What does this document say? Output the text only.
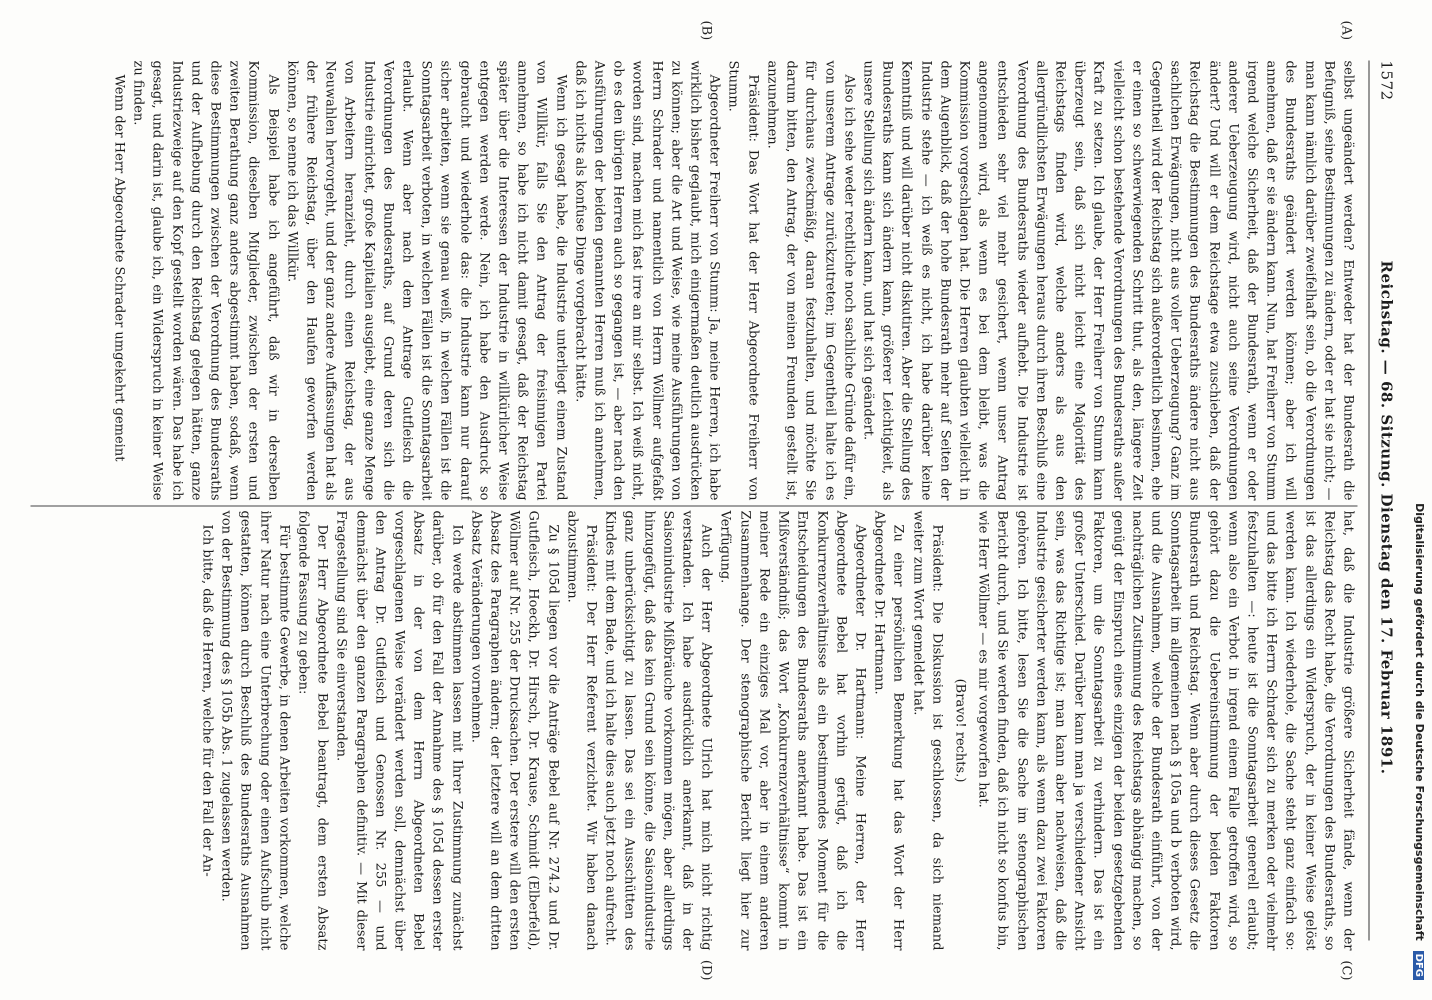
1572
Reichstag. — 68. Sitzung. Dienstag den 17. Februar 1891.

selbst ungeändert werden? Entweder hat der Bundesrath die Befugniß, seine Bestimmungen zu ändern, oder er hat sie nicht; — man kann nämlich darüber zweifelhaft sein, ob die Verordnungen des Bundesraths geändert werden können; aber ich will annehmen, daß er sie ändern kann. Nun, hat Freiherr von Stumm irgend welche Sicherheit, daß der Bundesrath, wenn er oder anderer Ueberzeugung wird, nicht auch seine Verordnungen ändert? Und will er dem Reichstage etwa zuschieben, daß der Reichstag die Bestimmungen des Bundesraths ändere nicht aus sachlichen Erwägungen, nicht aus voller Ueberzeugung? Ganz im Gegentheil wird der Reichstag sich außerordentlich besinnen, ehe er einen so schwerwiegenden Schritt thut, als den, längere Zeit vielleicht schon bestehende Verordnungen des Bundesraths außer Kraft zu setzen. Ich glaube, der Herr Freiherr von Stumm kann überzeugt sein, daß sich nicht leicht eine Majorität des Reichstags finden wird, welche anders als aus den allergründlichsten Erwägungen heraus durch ihren Beschluß eine Verordnung des Bundesraths wieder aufhebt. Die Industrie ist entschieden sehr viel mehr gesichert, wenn unser Antrag angenommen wird, als wenn es bei dem bleibt, was die Kommission vorgeschlagen hat. Die Herren glaubten vielleicht in dem Augenblick, daß der hohe Bundesrath mehr auf Seiten der Industrie stehe — ich weiß es nicht, ich habe darüber keine Kenntniß und will darüber nicht diskutiren. Aber die Stellung des Bundesraths kann sich ändern kann, größerer Leichtigkeit, als unsere Stellung sich ändern kann, und hat sich geändert.

Also ich sehe weder rechtliche noch sachliche Gründe dafür ein, von unserem Antrage zurückzutreten; im Gegentheil halte ich es für durchaus zweckmäßig, daran festzuhalten, und möchte Sie darum bitten, den Antrag, der von meinen Freunden gestellt ist, anzunehmen.

Präsident: Das Wort hat der Herr Abgeordnete Freiherr von Stumm.

Abgeordneter Freiherr von Stumm: Ja, meine Herren, ich habe wirklich bisher geglaubt, mich einigermaßen deutlich ausdrücken zu können; aber die Art und Weise, wie meine Ausführungen von Herrn Schrader und namentlich von Herrn Wöllmer aufgefaßt worden sind, machen mich fast irre an mir selbst. Ich weiß nicht, ob es den übrigen Herren auch so gegangen ist, — aber nach den Ausführungen der beiden genannten Herren muß ich annehmen, daß ich nichts als konfuse Dinge vorgebracht hätte.

Wenn ich gesagt habe, die Industrie unterliegt einem Zustand von Willkür, falls Sie den Antrag der freisinnigen Partei annehmen, so habe ich nicht damit gesagt, daß der Reichstag später über die Interessen der Industrie in willkürlicher Weise entgegen werden werde. Nein, ich habe den Ausdruck so gebraucht und wiederhole das: die Industrie kann nur darauf sicher arbeiten, wenn sie genau weiß, in welchen Fällen ist die Sonntagsarbeit verboten, in welchen Fällen ist die Sonntagsarbeit erlaubt. Wenn aber nach dem Antrage Gutfleisch die Verordnungen des Bundesraths, auf Grund deren sich die Industrie einrichtet, große Kapitalien ausgiebt, eine ganze Menge von Arbeitern heranzieht, durch einen Reichstag, der aus Neuwahlen hervorgeht, und der ganz andere Auffassungen hat als der frühere Reichstag, über den Haufen geworfen werden können, so nenne ich das Willkür.

Als Beispiel habe ich angeführt, daß wir in derselben Kommission, dieselben Mitglieder, zwischen der ersten und zweiten Berathung ganz anders abgestimmt haben, sodaß, wenn diese Bestimmungen zwischen der Verordnung des Bundesraths und der Aufhebung durch den Reichstag gelegen hätten, ganze Industriezweige auf den Kopf gestellt worden wären. Das habe ich gesagt, und darin ist, glaube ich, ein Widerspruch in keiner Weise zu finden.

Wenn der Herr Abgeordnete Schrader umgekehrt gemeint

hat, daß die Industrie größere Sicherheit fände, wenn der Reichstag das Recht habe, die Verordnungen des Bundesraths, so ist das allerdings ein Widerspruch, der in keiner Weise gelöst werden kann. Ich wiederhole, die Sache steht ganz einfach so: und das bitte ich Herrn Schrader sich zu merken oder vielmehr festzuhalten —: heute ist die Sonntagsarbeit generell erlaubt; wenn also ein Verbot in irgend einem Falle getroffen wird, so gehört dazu die Uebereinstimmung der beiden Faktoren Bundesrath und Reichstag. Wenn aber durch dieses Gesetz die Sonntagsarbeit im allgemeinen nach § 105a und b verboten wird, und die Ausnahmen, welche der Bundesrath einführt, von der nachträglichen Zustimmung des Reichstags abhängig machen, so genügt der Einspruch eines einzigen der beiden gesetzgebenden Faktoren, um die Sonntagsarbeit zu verhindern. Das ist ein großer Unterschied. Darüber kann man ja verschiedener Ansicht sein, was das Richtige ist; man kann aber nachweisen, daß die Industrie gesicherter werden kann, als wenn dazu zwei Faktoren gehören. Ich bitte, lesen Sie die Sache im stenographischen Bericht durch, und Sie werden finden, daß ich nicht so konfus bin, wie Herr Wöllmer — es mir vorgeworfen hat.

(Bravo! rechts.)

Präsident: Die Diskussion ist geschlossen, da sich niemand weiter zum Wort gemeldet hat.

Zu einer persönlichen Bemerkung hat das Wort der Herr Abgeordnete Dr. Hartmann.

Abgeordneter Dr. Hartmann: Meine Herren, der Herr Abgeordnete Bebel hat vorhin gerügt, daß ich die Konkurrenzverhältnisse als ein bestimmendes Moment für die Entscheidungen des Bundesraths anerkannt habe. Das ist ein Mißverständniß; das Wort „Konkurrenzverhältnisse“ kommt in meiner Rede ein einziges Mal vor, aber in einem anderen Zusammenhange. Der stenographische Bericht liegt hier zur Verfügung.

Auch der Herr Abgeordnete Ulrich hat mich nicht richtig verstanden. Ich habe ausdrücklich anerkannt, daß in der Saisonindustrie Mißbräuche vorkommen mögen, aber allerdings hinzugefügt, daß das kein Grund sein könne, die Saisonindustrie ganz unberücksichtigt zu lassen. Das sei ein Ausschütten des Kindes mit dem Bade, und ich halte dies auch jetzt noch aufrecht.

Präsident: Der Herr Referent verzichtet. Wir haben danach abzustimmen.

Zu § 105d liegen vor die Anträge Bebel auf Nr. 274.2 und Dr. Gutfleisch, Hoeckh, Dr. Hirsch, Dr. Krause, Schmidt (Elberfeld), Wöllmer auf Nr. 255 der Drucksachen. Der erstere will den ersten Absatz des Paragraphen ändern; der letztere will an dem dritten Absatz Veränderungen vornehmen.

Ich werde abstimmen lassen mit Ihrer Zustimmung zunächst darüber, ob für den Fall der Annahme des § 105d dessen erster Absatz in der von dem Herrn Abgeordneten Bebel vorgeschlagenen Weise verändert werden soll, demnächst über den Antrag Dr. Gutfleisch und Genossen Nr. 255 — und demnächst über den ganzen Paragraphen definitiv. — Mit dieser Fragestellung sind Sie einverstanden.

Der Herr Abgeordnete Bebel beantragt, dem ersten Absatz folgende Fassung zu geben:

Für bestimmte Gewerbe, in denen Arbeiten vorkommen, welche ihrer Natur nach eine Unterbrechung oder einen Aufschub nicht gestatten, können durch Beschluß des Bundesraths Ausnahmen von der Bestimmung des § 105b Abs. 1 zugelassen werden.

Ich bitte, daß die Herren, welche für den Fall der An-

(A)
(B)
(C)
(D)
Digitalisierung gefördert durch die Deutsche Forschungsgemeinschaft DFG
